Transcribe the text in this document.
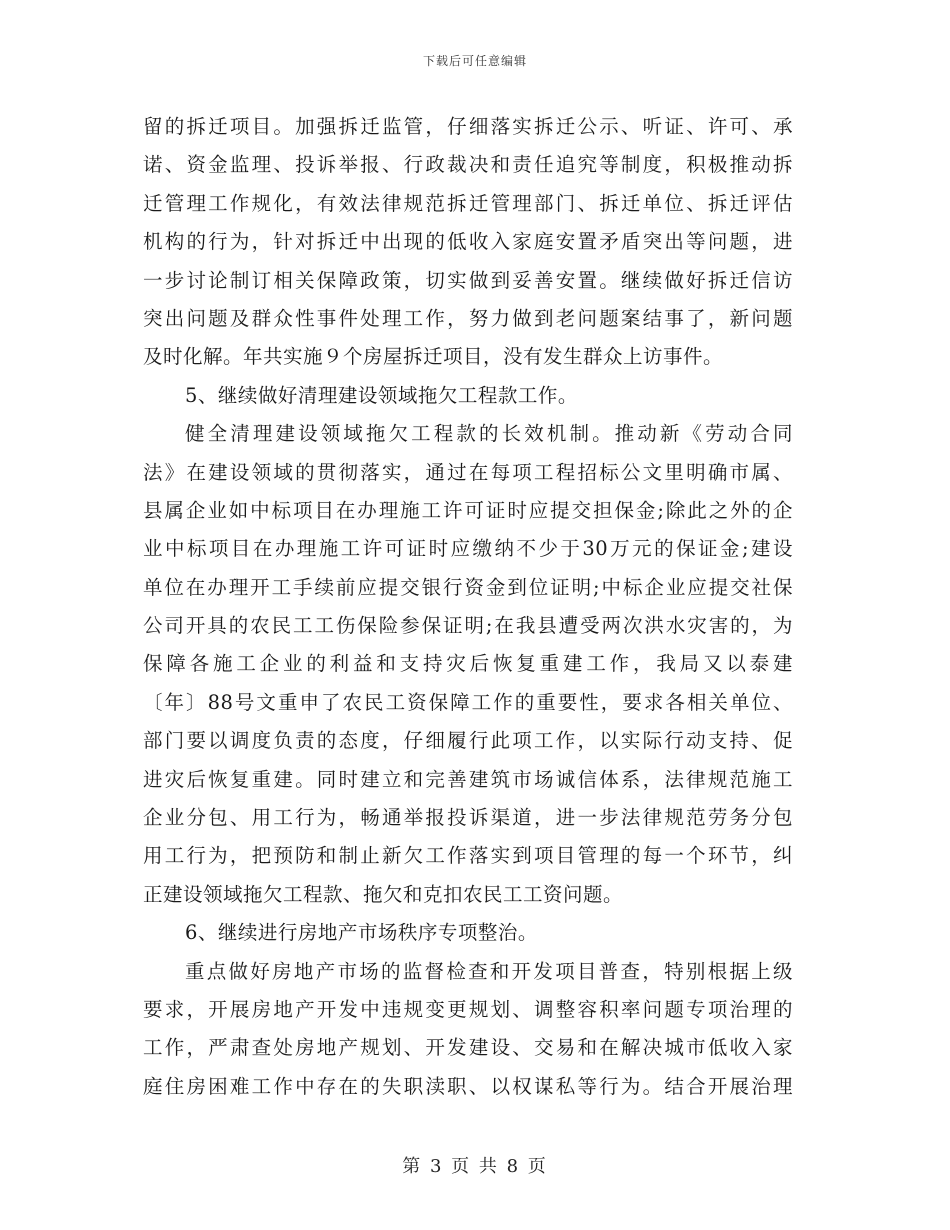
下载后可任意编辑
留的拆迁项目。加强拆迁监管，仔细落实拆迁公示、听证、许可、承
诺、资金监理、投诉举报、行政裁决和责任追究等制度，积极推动拆
迁管理工作规化，有效法律规范拆迁管理部门、拆迁单位、拆迁评估
机构的行为，针对拆迁中出现的低收入家庭安置矛盾突出等问题，进
一步讨论制订相关保障政策，切实做到妥善安置。继续做好拆迁信访
突出问题及群众性事件处理工作，努力做到老问题案结事了，新问题
及时化解。年共实施９个房屋拆迁项目，没有发生群众上访事件。
5、继续做好清理建设领域拖欠工程款工作。
健全清理建设领域拖欠工程款的长效机制。推动新《劳动合同
法》在建设领域的贯彻落实，通过在每项工程招标公文里明确市属、
县属企业如中标项目在办理施工许可证时应提交担保金;除此之外的企
业中标项目在办理施工许可证时应缴纳不少于30万元的保证金;建设
单位在办理开工手续前应提交银行资金到位证明;中标企业应提交社保
公司开具的农民工工伤保险参保证明;在我县遭受两次洪水灾害的，为
保障各施工企业的利益和支持灾后恢复重建工作，我局又以泰建
〔年〕88号文重申了农民工资保障工作的重要性，要求各相关单位、
部门要以调度负责的态度，仔细履行此项工作，以实际行动支持、促
进灾后恢复重建。同时建立和完善建筑市场诚信体系，法律规范施工
企业分包、用工行为，畅通举报投诉渠道，进一步法律规范劳务分包
用工行为，把预防和制止新欠工作落实到项目管理的每一个环节，纠
正建设领域拖欠工程款、拖欠和克扣农民工工资问题。
6、继续进行房地产市场秩序专项整治。
重点做好房地产市场的监督检查和开发项目普查，特别根据上级
要求，开展房地产开发中违规变更规划、调整容积率问题专项治理的
工作，严肃查处房地产规划、开发建设、交易和在解决城市低收入家
庭住房困难工作中存在的失职渎职、以权谋私等行为。结合开展治理
第 3 页 共 8 页
